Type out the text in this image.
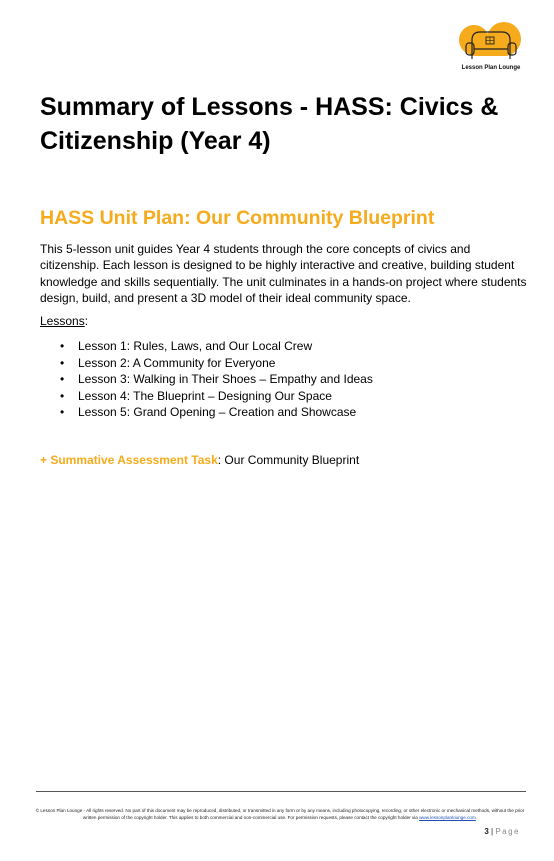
Lesson Plan Lounge
Summary of Lessons - HASS: Civics & Citizenship (Year 4)
HASS Unit Plan: Our Community Blueprint

This 5-lesson unit guides Year 4 students through the core concepts of civics and citizenship. Each lesson is designed to be highly interactive and creative, building student knowledge and skills sequentially. The unit culminates in a hands-on project where students design, build, and present a 3D model of their ideal community space.

Lessons:
• Lesson 1: Rules, Laws, and Our Local Crew
• Lesson 2: A Community for Everyone
• Lesson 3: Walking in Their Shoes – Empathy and Ideas
• Lesson 4: The Blueprint – Designing Our Space
• Lesson 5: Grand Opening – Creation and Showcase
+ Summative Assessment Task: Our Community Blueprint
© Lesson Plan Lounge - All rights reserved. No part of this document may be reproduced, distributed, or transmitted in any form or by any means, including photocopying, recording, or other electronic or mechanical methods, without the prior written permission of the copyright holder. This applies to both commercial and non-commercial use. For permission requests, please contact the copyright holder via www.lessonplanlounge.com.
3 | Page
